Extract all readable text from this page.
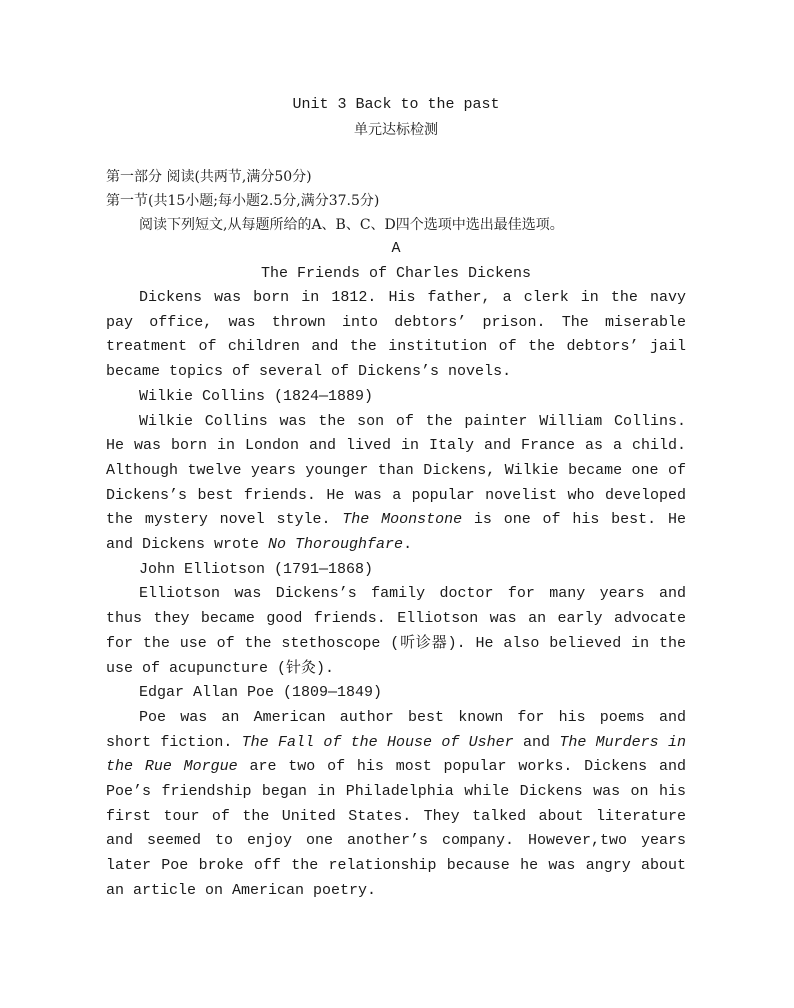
Unit 3 Back to the past
单元达标检测
第一部分 阅读(共两节,满分50分)
第一节(共15小题;每小题2.5分,满分37.5分)
阅读下列短文,从每题所给的A、B、C、D四个选项中选出最佳选项。
A
The Friends of Charles Dickens

Dickens was born in 1812. His father, a clerk in the navy pay office, was thrown into debtors’ prison. The miserable treatment of children and the institution of the debtors’ jail became topics of several of Dickens’s novels.

Wilkie Collins (1824—1889)

Wilkie Collins was the son of the painter William Collins. He was born in London and lived in Italy and France as a child. Although twelve years younger than Dickens, Wilkie became one of Dickens’s best friends. He was a popular novelist who developed the mystery novel style. The Moonstone is one of his best. He and Dickens wrote No Thoroughfare.

John Elliotson (1791—1868)

Elliotson was Dickens’s family doctor for many years and thus they became good friends. Elliotson was an early advocate for the use of the stethoscope (听诊器). He also believed in the use of acupuncture (针灸).

Edgar Allan Poe (1809—1849)

Poe was an American author best known for his poems and short fiction. The Fall of the House of Usher and The Murders in the Rue Morgue are two of his most popular works. Dickens and Poe’s friendship began in Philadelphia while Dickens was on his first tour of the United States. They talked about literature and seemed to enjoy one another’s company. However,two years later Poe broke off the relationship because he was angry about an article on American poetry.
